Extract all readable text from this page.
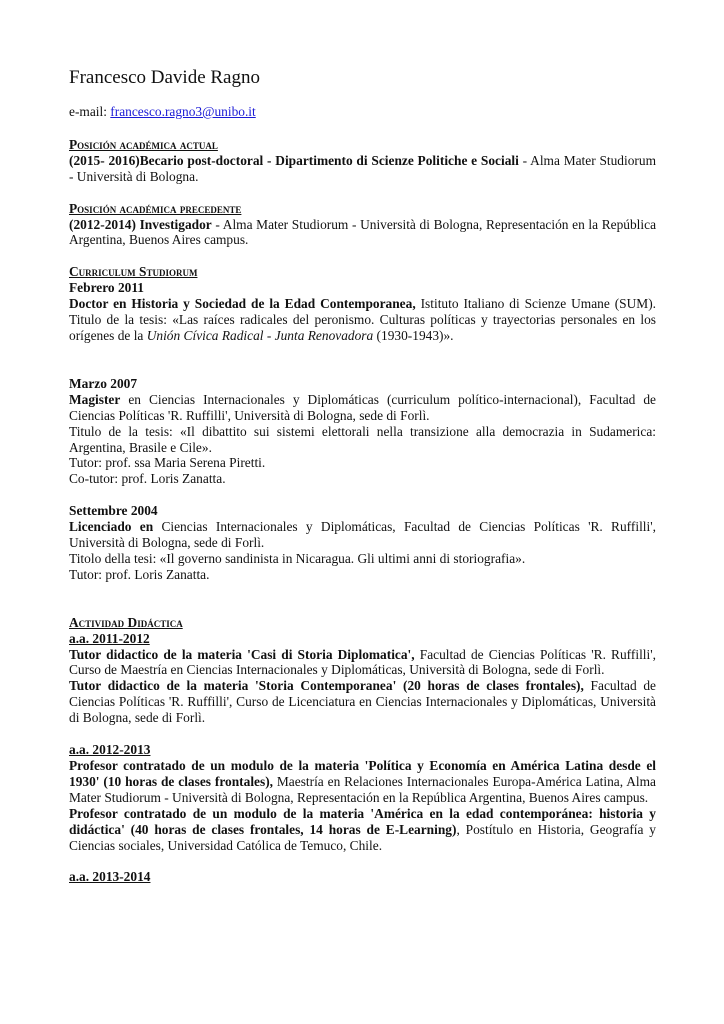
Francesco Davide Ragno

e-mail: francesco.ragno3@unibo.it

Posición académica actual

(2015- 2016)Becario post-doctoral - Dipartimento di Scienze Politiche e Sociali - Alma Mater Studiorum - Università di Bologna.

Posición académica precedente

(2012-2014) Investigador - Alma Mater Studiorum - Università di Bologna, Representación en la República Argentina, Buenos Aires campus.

Curriculum Studiorum

Febrero 2011

Doctor en Historia y Sociedad de la Edad Contemporanea, Istituto Italiano di Scienze Umane (SUM). Titulo de la tesis: «Las raíces radicales del peronismo. Culturas políticas y trayectorias personales en los orígenes de la Unión Cívica Radical - Junta Renovadora (1930-1943)».

Marzo 2007

Magister en Ciencias Internacionales y Diplomáticas (curriculum político-internacional), Facultad de Ciencias Políticas 'R. Ruffilli', Università di Bologna, sede di Forlì.

Titulo de la tesis: «Il dibattito sui sistemi elettorali nella transizione alla democrazia in Sudamerica: Argentina, Brasile e Cile».

Tutor: prof. ssa Maria Serena Piretti.

Co-tutor: prof. Loris Zanatta.

Settembre 2004

Licenciado en Ciencias Internacionales y Diplomáticas, Facultad de Ciencias Políticas 'R. Ruffilli', Università di Bologna, sede di Forlì.

Titolo della tesi: «Il governo sandinista in Nicaragua. Gli ultimi anni di storiografia».

Tutor: prof. Loris Zanatta.

Actividad Didáctica

a.a. 2011-2012

Tutor didactico de la materia 'Casi di Storia Diplomatica', Facultad de Ciencias Políticas 'R. Ruffilli', Curso de Maestría en Ciencias Internacionales y Diplomáticas, Università di Bologna, sede di Forlì.

Tutor didactico de la materia 'Storia Contemporanea' (20 horas de clases frontales), Facultad de Ciencias Políticas 'R. Ruffilli', Curso de Licenciatura en Ciencias Internacionales y Diplomáticas, Università di Bologna, sede di Forlì.

a.a. 2012-2013

Profesor contratado de un modulo de la materia 'Política y Economía en América Latina desde el 1930' (10 horas de clases frontales), Maestría en Relaciones Internacionales Europa-América Latina, Alma Mater Studiorum - Università di Bologna, Representación en la República Argentina, Buenos Aires campus.

Profesor contratado de un modulo de la materia 'América en la edad contemporánea: historia y didáctica' (40 horas de clases frontales, 14 horas de E-Learning), Postítulo en Historia, Geografía y Ciencias sociales, Universidad Católica de Temuco, Chile.

a.a. 2013-2014
